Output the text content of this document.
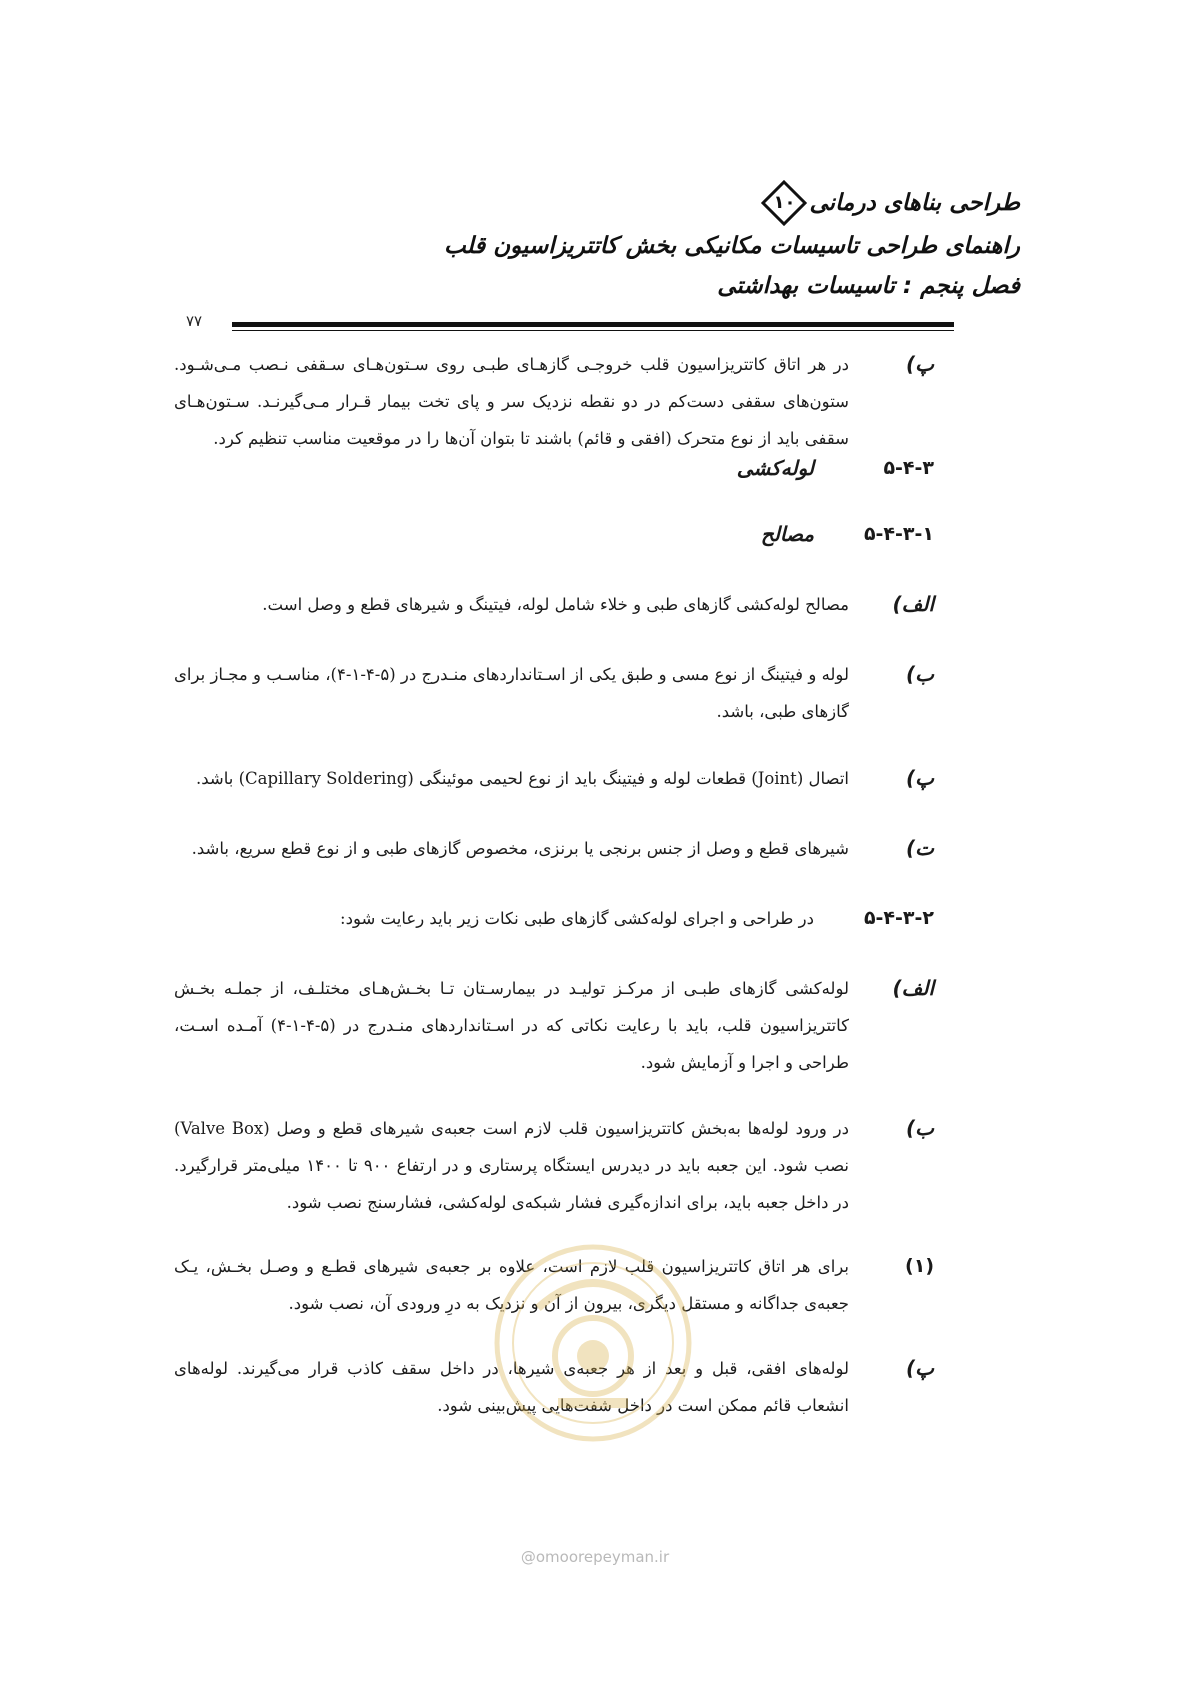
طراحی بناهای درمانی
۱۰
راهنمای طراحی تاسیسات مکانیکی بخش کاتتریزاسیون قلب
فصل پنجم : تاسیسات بهداشتی
۷۷
پ)
در هر اتاق کاتتریزاسیون قلب خروجـی گازهـای طبـی روی سـتون‌هـای سـقفی نـصب مـی‌شـود. ستون‌های سقفی دست‌کم در دو نقطه نزدیک سر و پای تخت بیمار قـرار مـی‌گیرنـد. سـتون‌هـای سقفی باید از نوع متحرک (افقی و قائم) باشند تا بتوان آن‌ها را در موقعیت مناسب تنظیم کرد.
۵-۴-۳
لوله‌کشی
۵-۴-۳-۱
مصالح
الف)
مصالح لوله‌کشی گازهای طبی و خلاء شامل لوله، فیتینگ و شیرهای قطع و وصل است.
ب)
لوله و فیتینگ از نوع مسی و طبق یکی از اسـتانداردهای منـدرج در (۵-۴-۱-۴)، مناسـب و مجـاز برای گازهای طبی، باشد.
پ)
اتصال (Joint) قطعات لوله و فیتینگ باید از نوع لحیمی موئینگی (Capillary Soldering) باشد.
ت)
شیرهای قطع و وصل از جنس برنجی یا برنزی، مخصوص گازهای طبی و از نوع قطع سریع، باشد.
۵-۴-۳-۲
در طراحی و اجرای لوله‌کشی گازهای طبی نکات زیر باید رعایت شود:
الف)
لوله‌کشی گازهای طبـی از مرکـز تولیـد در بیمارسـتان تـا بخـش‌هـای مختلـف، از جملـه بخـش کاتتریزاسیون قلب، باید با رعایت نکاتی که در اسـتانداردهای منـدرج در (۵-۴-۱-۴) آمـده اسـت، طراحی و اجرا و آزمایش شود.
ب)
در ورود لوله‌ها به‌بخش کاتتریزاسیون قلب لازم است جعبه‌ی شیرهای قطع و وصل (Valve Box) نصب شود. این جعبه باید در دیدرس ایستگاه پرستاری و در ارتفاع ۹۰۰ تا ۱۴۰۰ میلی‌متر قرارگیرد. در داخل جعبه باید، برای اندازه‌گیری فشار شبکه‌ی لوله‌کشی، فشارسنج نصب شود.
(۱)
برای هر اتاق کاتتریزاسیون قلب لازم است، علاوه بر جعبه‌ی شیرهای قطـع و وصـل بخـش، یـک جعبه‌ی جداگانه و مستقل دیگری، بیرون از آن و نزدیک به درِ ورودی آن، نصب شود.
پ)
لوله‌های افقی، قبل و بعد از هر جعبه‌ی شیرها، در داخل سقف کاذب قرار می‌گیرند. لوله‌های انشعاب قائم ممکن است در داخل شفت‌هایی پیش‌بینی شود.
@omoorepeyman.ir
